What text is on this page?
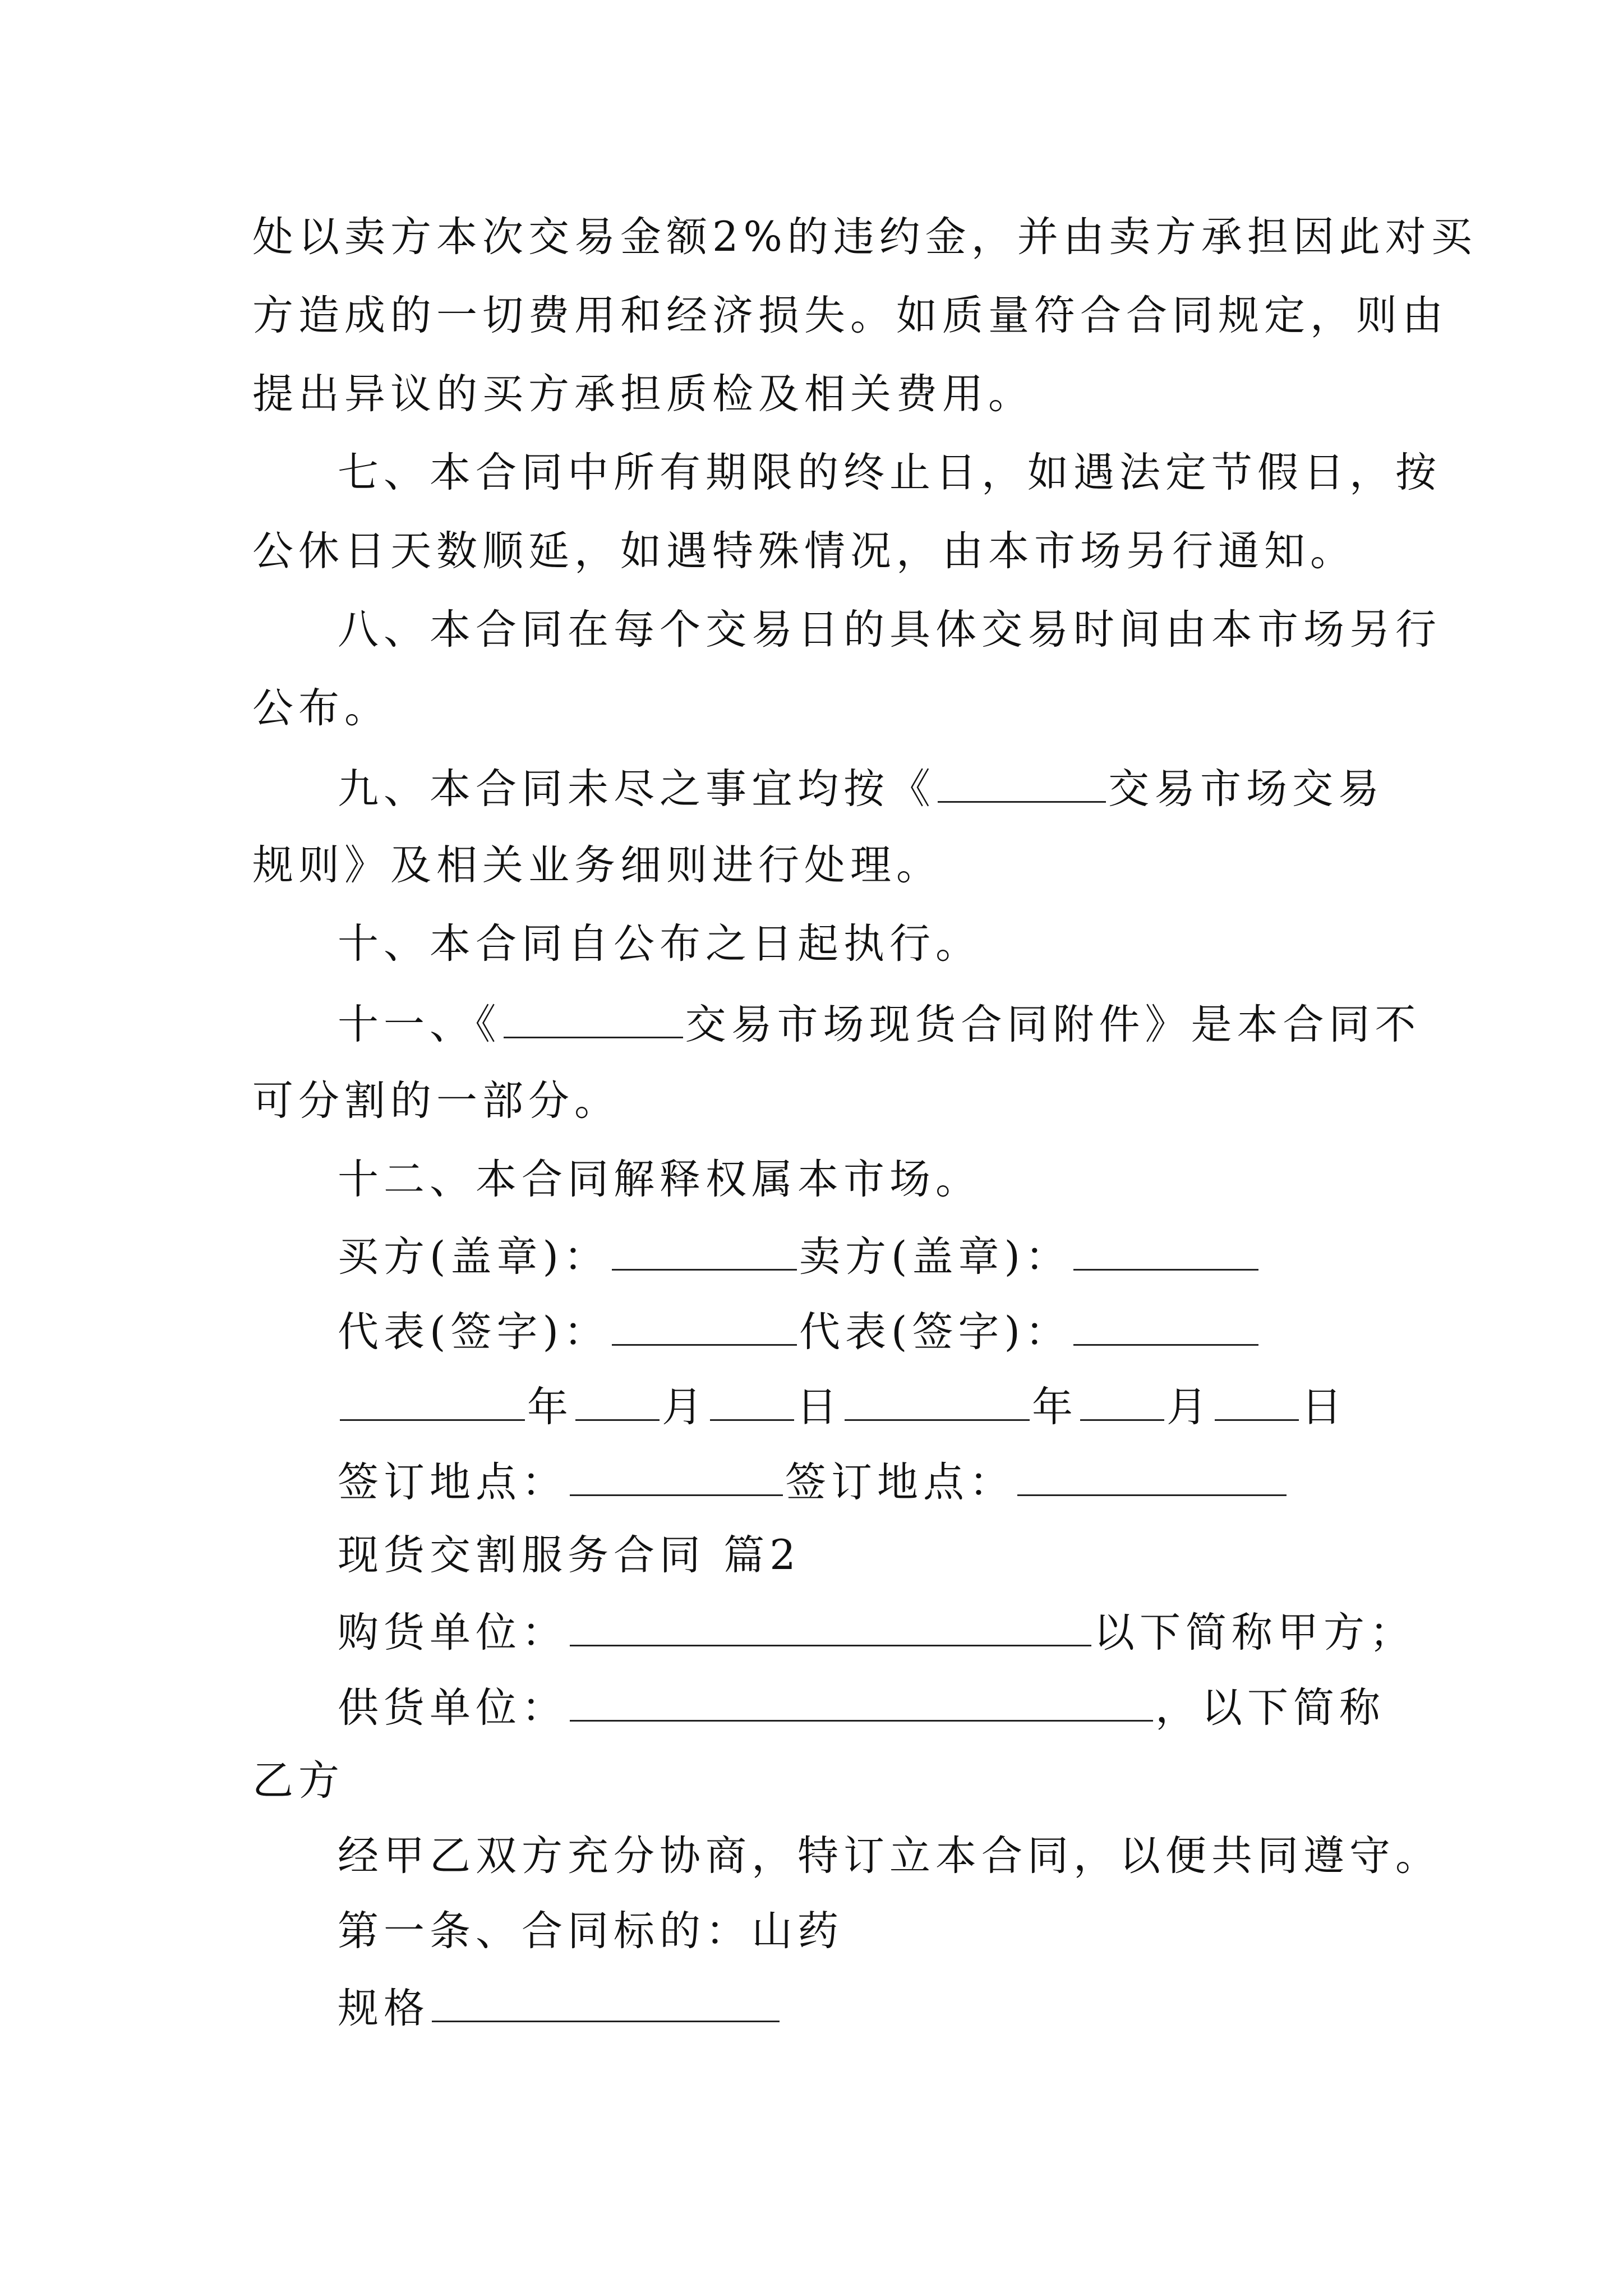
处以卖方本次交易金额2%的违约金，并由卖方承担因此对买
方造成的一切费用和经济损失。如质量符合合同规定，则由
提出异议的买方承担质检及相关费用。
七、本合同中所有期限的终止日，如遇法定节假日，按
公休日天数顺延，如遇特殊情况，由本市场另行通知。
八、本合同在每个交易日的具体交易时间由本市场另行
公布。
九、本合同未尽之事宜均按《	交易市场交易
规则》及相关业务细则进行处理。
十、本合同自公布之日起执行。
十一、《	交易市场现货合同附件》是本合同不
可分割的一部分。
十二、本合同解释权属本市场。
买方(盖章)：	卖方(盖章)：
代表(签字)：	代表(签字)：
年 月 日	年 月 日
签订地点：	签订地点：
现货交割服务合同 篇2
购货单位：	以下简称甲方；
供货单位：	，以下简称
乙方
经甲乙双方充分协商，特订立本合同，以便共同遵守。
第一条、合同标的：山药
规格
